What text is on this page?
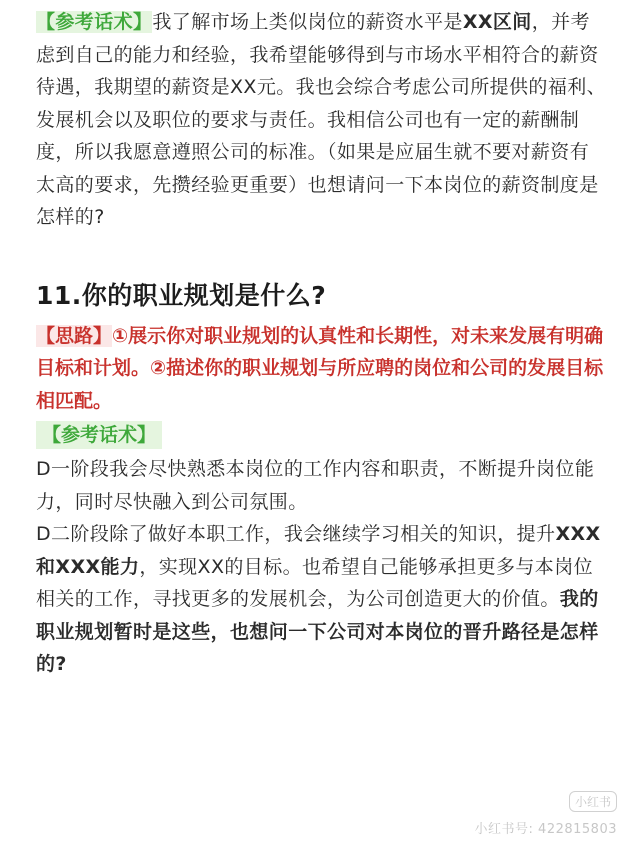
【参考话术】我了解市场上类似岗位的薪资水平是XX区间，并考虑到自己的能力和经验，我希望能够得到与市场水平相符合的薪资待遇，我期望的薪资是XX元。我也会综合考虑公司所提供的福利、发展机会以及职位的要求与责任。我相信公司也有一定的薪酬制度，所以我愿意遵照公司的标准。（如果是应届生就不要对薪资有太高的要求，先攒经验更重要）也想请问一下本岗位的薪资制度是怎样的?

11.你的职业规划是什么?

【思路】①展示你对职业规划的认真性和长期性，对未来发展有明确目标和计划。②描述你的职业规划与所应聘的岗位和公司的发展目标相匹配。

【参考话术】

D一阶段我会尽快熟悉本岗位的工作内容和职责，不断提升岗位能力，同时尽快融入到公司氛围。

D二阶段除了做好本职工作，我会继续学习相关的知识，提升XXX和XXX能力，实现XX的目标。也希望自己能够承担更多与本岗位相关的工作，寻找更多的发展机会，为公司创造更大的价值。我的职业规划暂时是这些，也想问一下公司对本岗位的晋升路径是怎样的?

小红书
小红书号: 422815803
